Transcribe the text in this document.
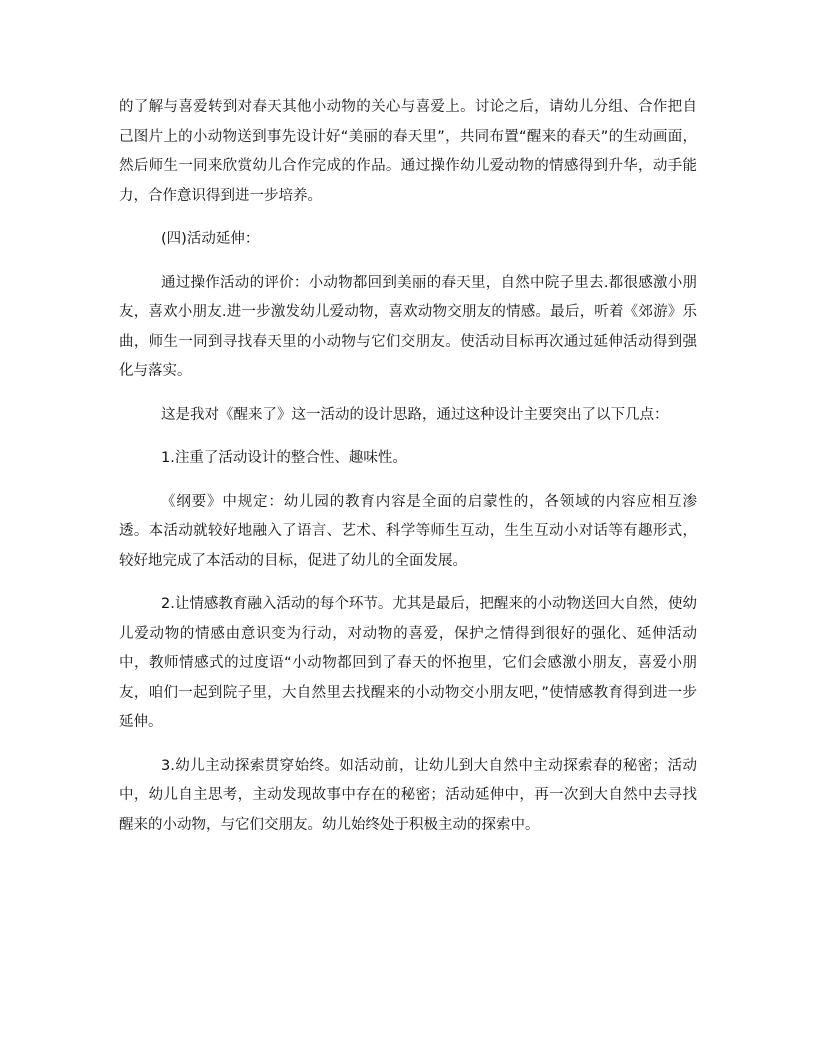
的了解与喜爱转到对春天其他小动物的关心与喜爱上。讨论之后，请幼儿分组、合作把自己图片上的小动物送到事先设计好“美丽的春天里”，共同布置“醒来的春天”的生动画面，然后师生一同来欣赏幼儿合作完成的作品。通过操作幼儿爱动物的情感得到升华，动手能力，合作意识得到进一步培养。

(四)活动延伸：

通过操作活动的评价：小动物都回到美丽的春天里，自然中院子里去.都很感激小朋友，喜欢小朋友.进一步激发幼儿爱动物，喜欢动物交朋友的情感。最后，听着《郊游》乐曲，师生一同到寻找春天里的小动物与它们交朋友。使活动目标再次通过延伸活动得到强化与落实。

这是我对《醒来了》这一活动的设计思路，通过这种设计主要突出了以下几点：

1.注重了活动设计的整合性、趣味性。

《纲要》中规定：幼儿园的教育内容是全面的启蒙性的，各领域的内容应相互渗透。本活动就较好地融入了语言、艺术、科学等师生互动，生生互动小对话等有趣形式，较好地完成了本活动的目标，促进了幼儿的全面发展。

2.让情感教育融入活动的每个环节。尤其是最后，把醒来的小动物送回大自然，使幼儿爱动物的情感由意识变为行动，对动物的喜爱，保护之情得到很好的强化、延伸活动中，教师情感式的过度语“小动物都回到了春天的怀抱里，它们会感激小朋友，喜爱小朋友，咱们一起到院子里，大自然里去找醒来的小动物交小朋友吧，”使情感教育得到进一步延伸。

3.幼儿主动探索贯穿始终。如活动前，让幼儿到大自然中主动探索春的秘密；活动中，幼儿自主思考，主动发现故事中存在的秘密；活动延伸中，再一次到大自然中去寻找醒来的小动物，与它们交朋友。幼儿始终处于积极主动的探索中。
